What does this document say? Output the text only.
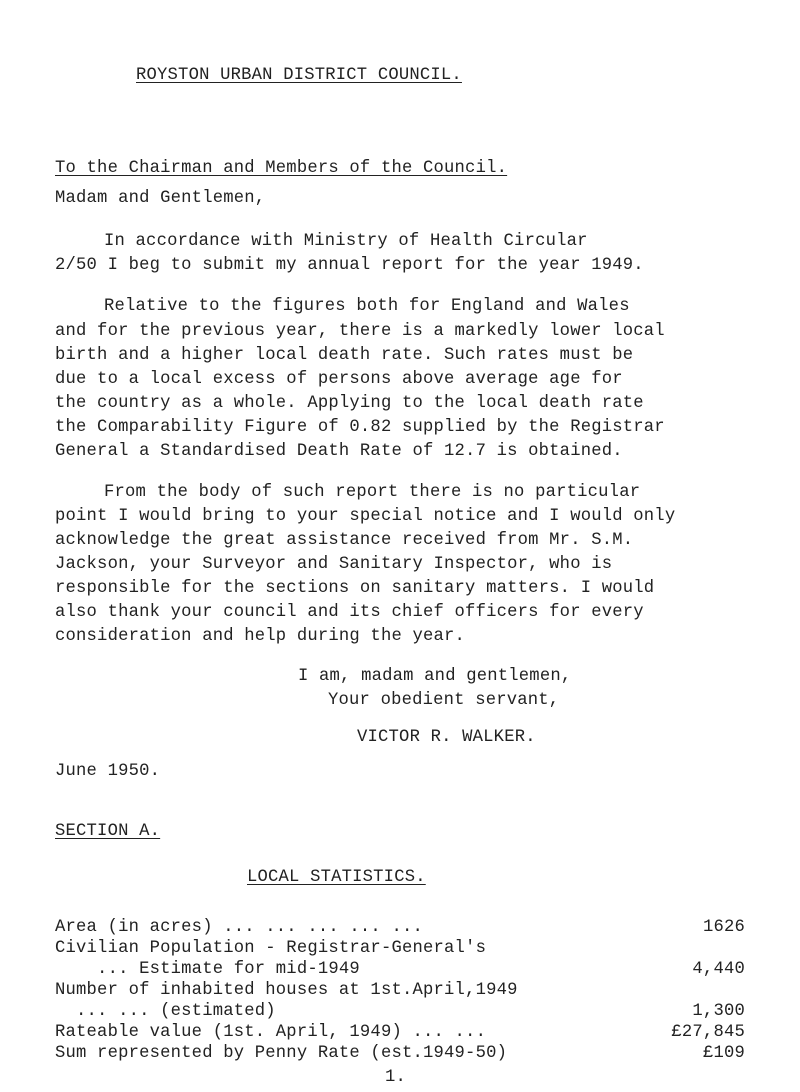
ROYSTON URBAN DISTRICT COUNCIL.
To the Chairman and Members of the Council.
Madam and Gentlemen,
In accordance with Ministry of Health Circular
2/50 I beg to submit my annual report for the year 1949.
Relative to the figures both for England and Wales
and for the previous year, there is a markedly lower local
birth and a higher local death rate. Such rates must be
due to a local excess of persons above average age for
the country as a whole. Applying to the local death rate
the Comparability Figure of 0.82 supplied by the Registrar
General a Standardised Death Rate of 12.7 is obtained.
From the body of such report there is no particular
point I would bring to your special notice and I would only
acknowledge the great assistance received from Mr. S.M.
Jackson, your Surveyor and Sanitary Inspector, who is
responsible for the sections on sanitary matters. I would
also thank your council and its chief officers for every
consideration and help during the year.
I am, madam and gentlemen,
Your obedient servant,
VICTOR R. WALKER.
June 1950.
SECTION A.
LOCAL STATISTICS.
Area (in acres) ... ... ... ... ...	1626
Civilian Population - Registrar-General's
... Estimate for mid-1949	4,440
Number of inhabited houses at 1st.April,1949
... ... (estimated)	1,300
Rateable value (1st. April, 1949) ... ...	£27,845
Sum represented by Penny Rate (est.1949-50)	£109
1.
